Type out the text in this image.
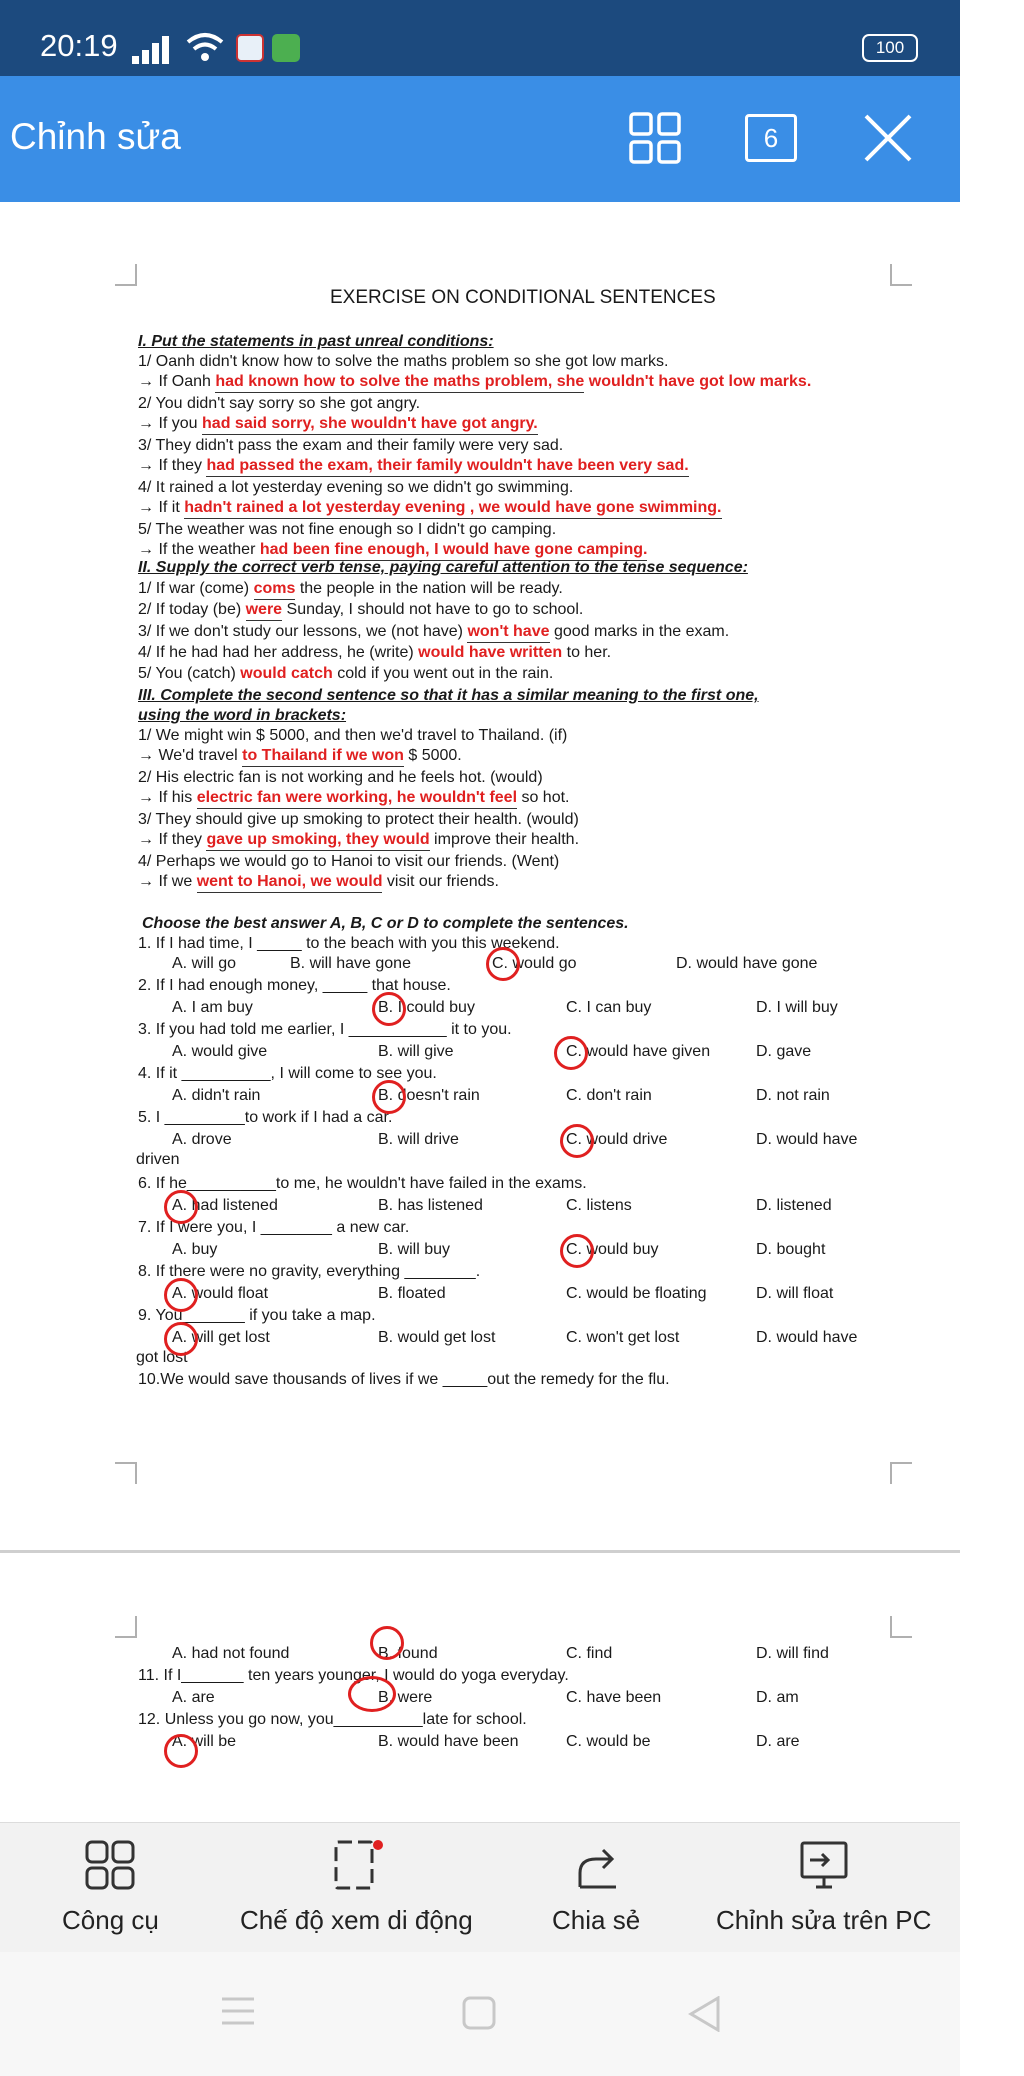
20:19	100
Chỉnh sửa	6
EXERCISE ON CONDITIONAL SENTENCES
I. Put the statements in past unreal conditions:
1/ Oanh didn't know how to solve the maths problem so she got low marks.
→ If Oanh had known how to solve the maths problem, she wouldn't have got low marks.
2/ You didn't say sorry so she got angry.
→ If you had said sorry, she wouldn't have got angry.
3/ They didn't pass the exam and their family were very sad.
→ If they had passed the exam, their family wouldn't have been very sad.
4/ It rained a lot yesterday evening so we didn't go swimming.
→ If it hadn't rained a lot yesterday evening , we would have gone swimming.
5/ The weather was not fine enough so I didn't go camping.
→ If the weather had been fine enough, I would have gone camping.
II. Supply the correct verb tense, paying careful attention to the tense sequence:
1/ If war (come) coms the people in the nation will be ready.
2/ If today (be) were Sunday, I should not have to go to school.
3/ If we don't study our lessons, we (not have) won't have good marks in the exam.
4/ If he had had her address, he (write) would have written to her.
5/ You (catch) would catch cold if you went out in the rain.
III. Complete the second sentence so that it has a similar meaning to the first one,
using the word in brackets:
1/ We might win $ 5000, and then we'd travel to Thailand. (if)
→ We'd travel to Thailand if we won $ 5000.
2/ His electric fan is not working and he feels hot. (would)
→ If his electric fan were working, he wouldn't feel so hot.
3/ They should give up smoking to protect their health. (would)
→ If they gave up smoking, they would improve their health.
4/ Perhaps we would go to Hanoi to visit our friends. (Went)
→ If we went to Hanoi, we would visit our friends.
Choose the best answer A, B, C or D to complete the sentences.
1. If I had time, I _____ to the beach with you this weekend.
A. will go	B. will have gone	C. would go	D. would have gone
2. If I had enough money, _____ that house.
A. I am buy	B. I could buy	C. I can buy	D. I will buy
3. If you had told me earlier, I ___________ it to you.
A. would give	B. will give	C. would have given	D. gave
4. If it __________, I will come to see you.
A. didn't rain	B. doesn't rain	C. don't rain	D. not rain
5. I _________to work if I had a car.
A. drove	B. will drive	C. would drive	D. would have
driven
6. If he__________to me, he wouldn't have failed in the exams.
A. had listened	B. has listened	C. listens	D. listened
7. If I were you, I ________ a new car.
A. buy	B. will buy	C. would buy	D. bought
8. If there were no gravity, everything ________.
A. would float	B. floated	C. would be floating	D. will float
9. You_______ if you take a map.
A. will get lost	B. would get lost	C. won't get lost	D. would have
got lost
10.We would save thousands of lives if we _____out the remedy for the flu.
A. had not found	B. found	C. find	D. will find
11. If I_______ ten years younger, I would do yoga everyday.
A. are	B. were	C. have been	D. am
12. Unless you go now, you__________late for school.
A. will be	B. would have been	C. would be	D. are
Công cụ	Chế độ xem di động	Chia sẻ	Chỉnh sửa trên PC
